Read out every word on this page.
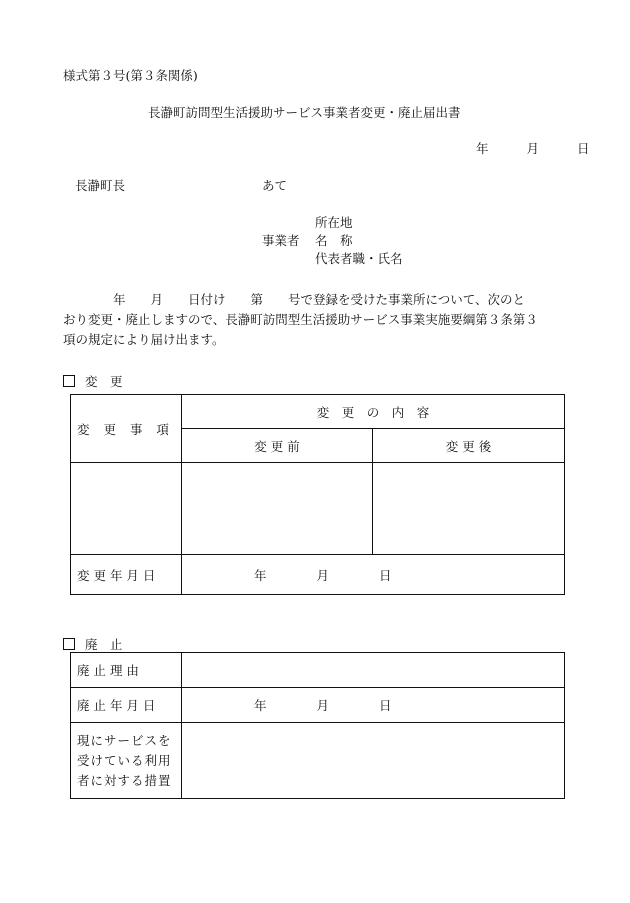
様式第３号(第３条関係)
長瀞町訪問型生活援助サービス事業者変更・廃止届出書
年	月	日
長瀞町長	あて
所在地
事業者 名　称
代表者職・氏名
　　　　年　　月　　日付け　　第　　号で登録を受けた事業所について、次のと
おり変更・廃止しますので、長瀞町訪問型生活援助サービス事業実施要綱第３条第３
項の規定により届け出ます。
変　更
変 更 事 項	変　更　の　内　容	
	変 更 前	変 更 後

変 更 年 月 日	年　　　　月　　　　日	
廃　止
廃 止 理 由	
廃 止 年 月 日	年　　　　月　　　　日

現にサービスを
受けている利用
者に対する措置	
